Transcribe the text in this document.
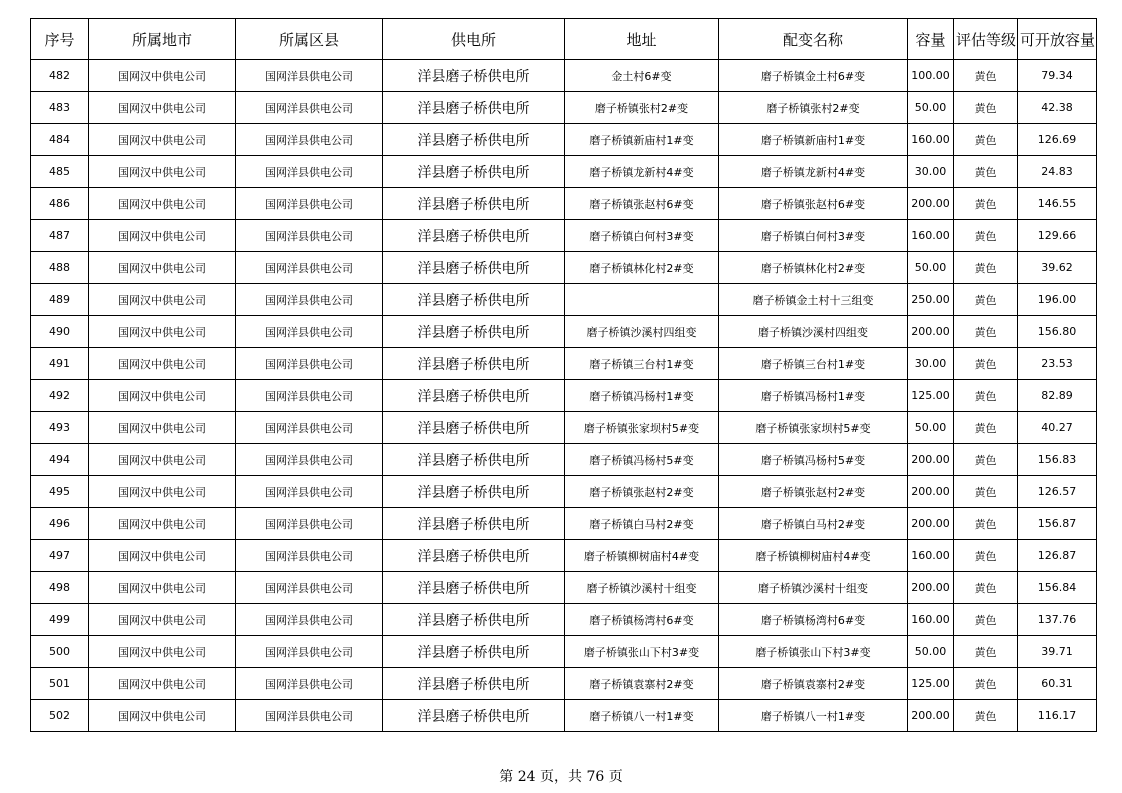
序号	所属地市	所属区县	供电所	地址	配变名称	容量	评估等级	可开放容量
482	国网汉中供电公司	国网洋县供电公司	洋县磨子桥供电所	金土村6#变	磨子桥镇金土村6#变	100.00	黄色	79.34
483	国网汉中供电公司	国网洋县供电公司	洋县磨子桥供电所	磨子桥镇张村2#变	磨子桥镇张村2#变	50.00	黄色	42.38
484	国网汉中供电公司	国网洋县供电公司	洋县磨子桥供电所	磨子桥镇新庙村1#变	磨子桥镇新庙村1#变	160.00	黄色	126.69
485	国网汉中供电公司	国网洋县供电公司	洋县磨子桥供电所	磨子桥镇龙新村4#变	磨子桥镇龙新村4#变	30.00	黄色	24.83
486	国网汉中供电公司	国网洋县供电公司	洋县磨子桥供电所	磨子桥镇张赵村6#变	磨子桥镇张赵村6#变	200.00	黄色	146.55
487	国网汉中供电公司	国网洋县供电公司	洋县磨子桥供电所	磨子桥镇白何村3#变	磨子桥镇白何村3#变	160.00	黄色	129.66
488	国网汉中供电公司	国网洋县供电公司	洋县磨子桥供电所	磨子桥镇林化村2#变	磨子桥镇林化村2#变	50.00	黄色	39.62
489	国网汉中供电公司	国网洋县供电公司	洋县磨子桥供电所		磨子桥镇金土村十三组变	250.00	黄色	196.00
490	国网汉中供电公司	国网洋县供电公司	洋县磨子桥供电所	磨子桥镇沙溪村四组变	磨子桥镇沙溪村四组变	200.00	黄色	156.80
491	国网汉中供电公司	国网洋县供电公司	洋县磨子桥供电所	磨子桥镇三台村1#变	磨子桥镇三台村1#变	30.00	黄色	23.53
492	国网汉中供电公司	国网洋县供电公司	洋县磨子桥供电所	磨子桥镇冯杨村1#变	磨子桥镇冯杨村1#变	125.00	黄色	82.89
493	国网汉中供电公司	国网洋县供电公司	洋县磨子桥供电所	磨子桥镇张家坝村5#变	磨子桥镇张家坝村5#变	50.00	黄色	40.27
494	国网汉中供电公司	国网洋县供电公司	洋县磨子桥供电所	磨子桥镇冯杨村5#变	磨子桥镇冯杨村5#变	200.00	黄色	156.83
495	国网汉中供电公司	国网洋县供电公司	洋县磨子桥供电所	磨子桥镇张赵村2#变	磨子桥镇张赵村2#变	200.00	黄色	126.57
496	国网汉中供电公司	国网洋县供电公司	洋县磨子桥供电所	磨子桥镇白马村2#变	磨子桥镇白马村2#变	200.00	黄色	156.87
497	国网汉中供电公司	国网洋县供电公司	洋县磨子桥供电所	磨子桥镇柳树庙村4#变	磨子桥镇柳树庙村4#变	160.00	黄色	126.87
498	国网汉中供电公司	国网洋县供电公司	洋县磨子桥供电所	磨子桥镇沙溪村十组变	磨子桥镇沙溪村十组变	200.00	黄色	156.84
499	国网汉中供电公司	国网洋县供电公司	洋县磨子桥供电所	磨子桥镇杨湾村6#变	磨子桥镇杨湾村6#变	160.00	黄色	137.76
500	国网汉中供电公司	国网洋县供电公司	洋县磨子桥供电所	磨子桥镇张山下村3#变	磨子桥镇张山下村3#变	50.00	黄色	39.71
501	国网汉中供电公司	国网洋县供电公司	洋县磨子桥供电所	磨子桥镇袁寨村2#变	磨子桥镇袁寨村2#变	125.00	黄色	60.31
502	国网汉中供电公司	国网洋县供电公司	洋县磨子桥供电所	磨子桥镇八一村1#变	磨子桥镇八一村1#变	200.00	黄色	116.17
第 24 页，共 76 页
